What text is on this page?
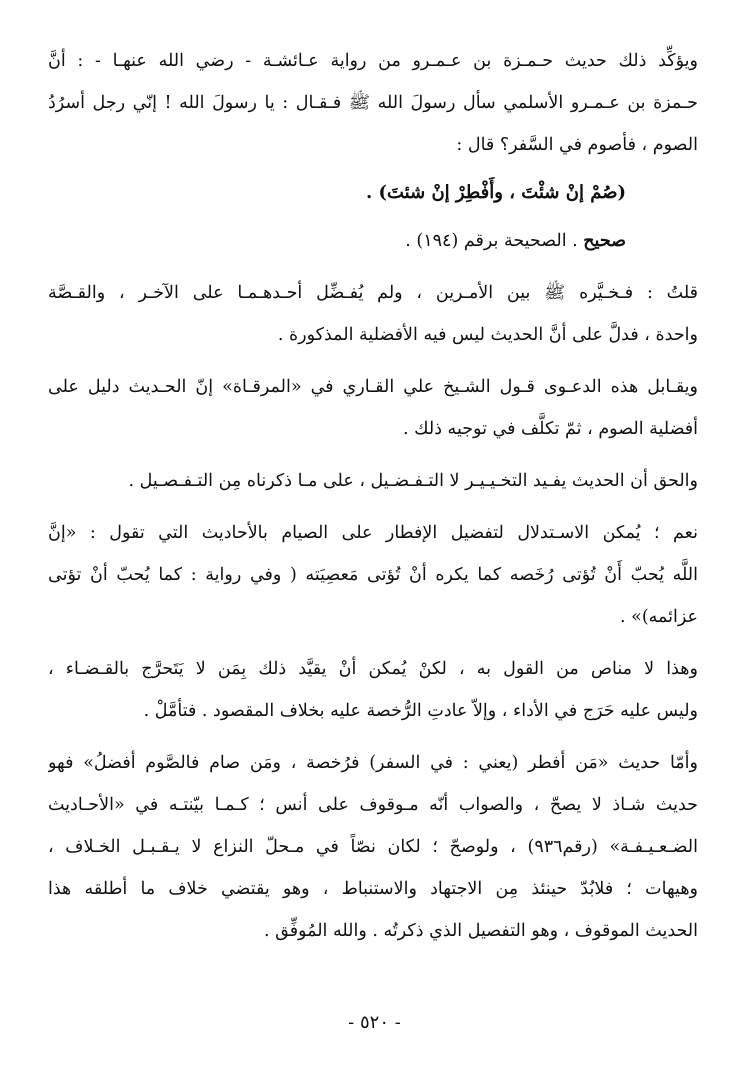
ويؤكِّد ذلك حديث حـمـزة بن عـمـرو من رواية عـائشـة - رضي الله عنهـا - : أنَّ
حـمزة بن عـمـرو الأسلمي سأل رسولَ الله ﷺ فـقـال : يا رسولَ الله ! إنّي رجل أسرُدُ
الصوم ، فأصوم في السَّفر؟ قال :
(صُمْ إنْ شئْتَ ، وأَفْطِرْ إنْ شئتَ) .
صحيح . الصحيحة برقم (١٩٤) .
قلتُ : فـخـيَّره ﷺ بين الأمـرين ، ولم يُفـضِّل أحـدهـمـا على الآخـر ، والقـصَّة
واحدة ، فدلَّ على أنَّ الحديث ليس فيه الأفضلية المذكورة .
ويقـابل هذه الدعـوى قـول الشـيخ علي القـاري في «المرقـاة» إنّ الحـديث دليل على
أفضلية الصوم ، ثمّ تكلَّف في توجيه ذلك .
والحق أن الحديث يفـيد التخـيـيـر لا التـفـضـيل ، على مـا ذكرناه مِن التـفـصـيل .
نعم ؛ يُمكن الاسـتدلال لتفضيل الإفطار على الصيام بالأحاديث التي تقول : «إنَّ
اللَّه يُحبّ أَنْ تُؤتى رُخَصه كما يكره أنْ تُؤتى مَعصِيَته ( وفي رواية : كما يُحبّ أنْ تؤتى
عزائمه)» .
وهذا لا مناص من القول به ، لكنْ يُمكن أنْ يقيَّد ذلك بِمَن لا يَتَحرَّج بالقـضـاء ،
وليس عليه حَرَج في الأداء ، وإلاّ عادتِ الرُّخصة عليه بخلاف المقصود . فتأمَّلْ .
وأمّا حديث «مَن أفطر (يعني : في السفر) فرُخصة ، ومَن صام فالصَّوم أفضلُ» فهو
حديث شـاذ لا يصحّ ، والصواب أنّه مـوقوف على أنس ؛ كـمـا بيّنتـه في «الأحـاديث
الضـعـيـفـة» (رقم٩٣٦) ، ولوصحّ ؛ لكان نصّاً في مـحلّ النزاع لا يـقـبـل الخـلاف ،
وهيهات ؛ فلابُدّ حينئذ مِن الاجتهاد والاستنباط ، وهو يقتضي خلاف ما أطلقه هذا
الحديث الموقوف ، وهو التفصيل الذي ذكرتُه . والله المُوفِّق .
- ٥٢٠ -
